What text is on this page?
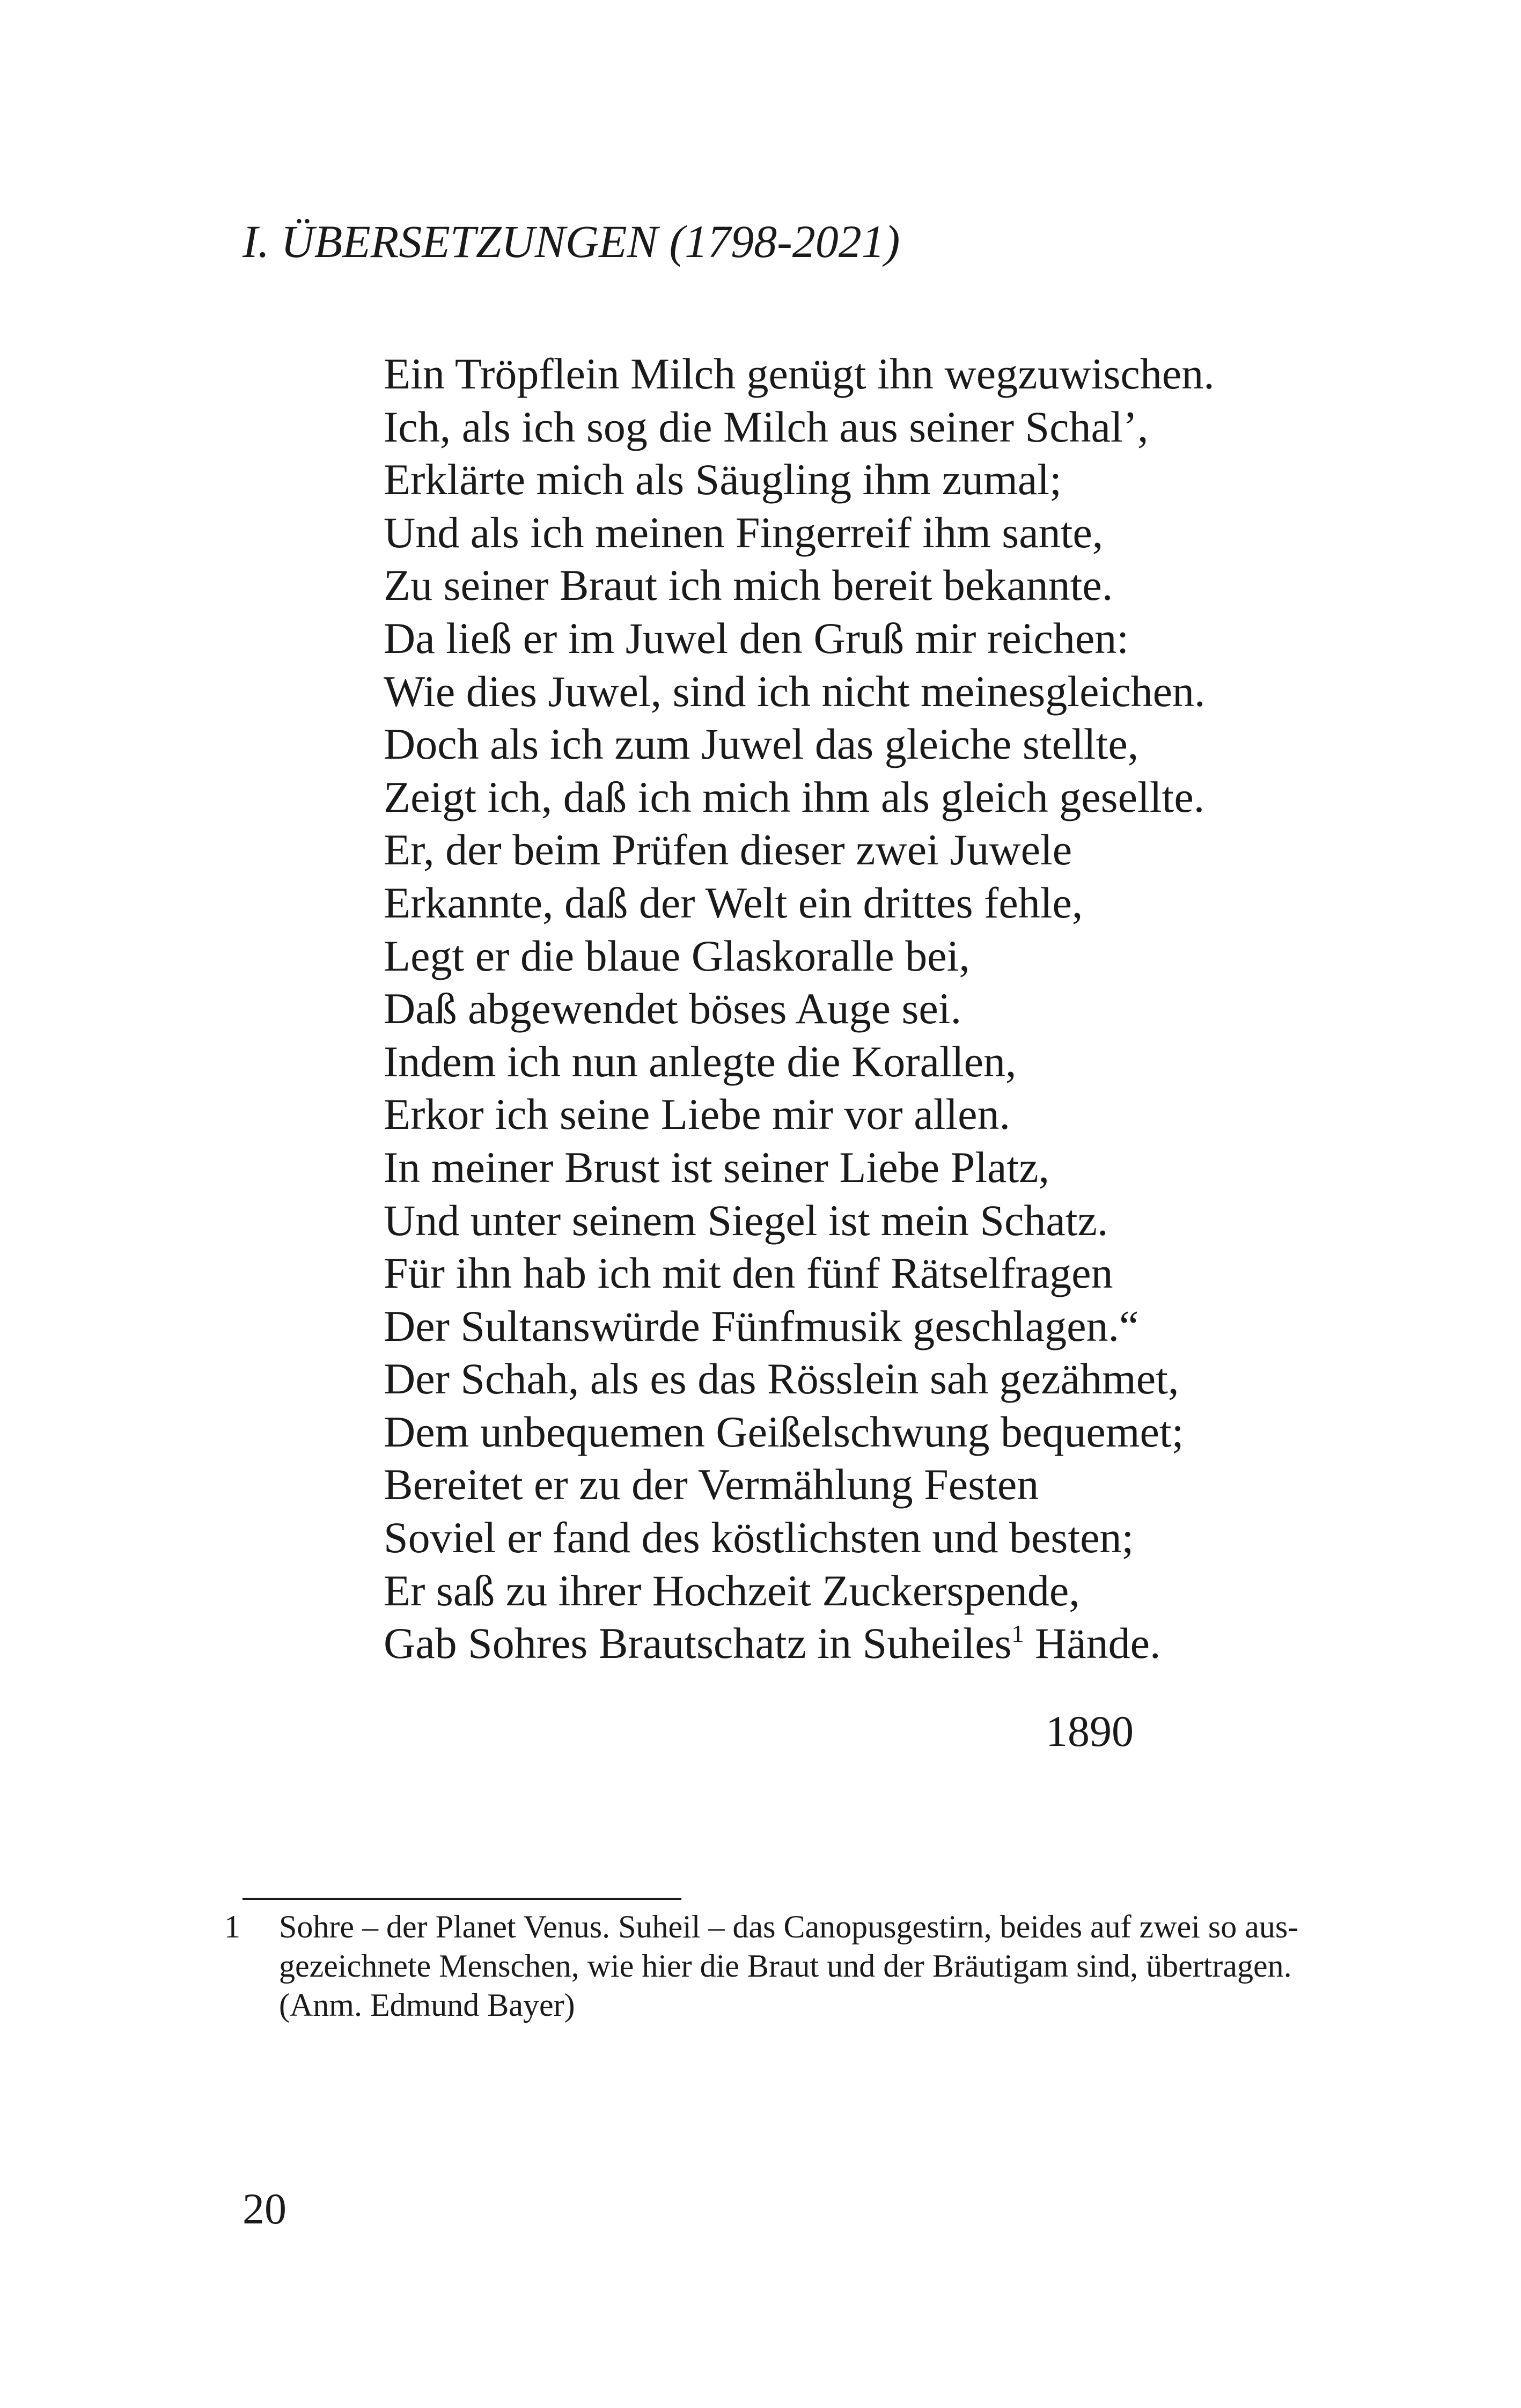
I. ÜBERSETZUNGEN (1798-2021)
Ein Tröpflein Milch genügt ihn wegzuwischen.
Ich, als ich sog die Milch aus seiner Schal’,
Erklärte mich als Säugling ihm zumal;
Und als ich meinen Fingerreif ihm sante,
Zu seiner Braut ich mich bereit bekannte.
Da ließ er im Juwel den Gruß mir reichen:
Wie dies Juwel, sind ich nicht meinesgleichen.
Doch als ich zum Juwel das gleiche stellte,
Zeigt ich, daß ich mich ihm als gleich gesellte.
Er, der beim Prüfen dieser zwei Juwele
Erkannte, daß der Welt ein drittes fehle,
Legt er die blaue Glaskoralle bei,
Daß abgewendet böses Auge sei.
Indem ich nun anlegte die Korallen,
Erkor ich seine Liebe mir vor allen.
In meiner Brust ist seiner Liebe Platz,
Und unter seinem Siegel ist mein Schatz.
Für ihn hab ich mit den fünf Rätselfragen
Der Sultanswürde Fünfmusik geschlagen.“
Der Schah, als es das Rösslein sah gezähmet,
Dem unbequemen Geißelschwung bequemet;
Bereitet er zu der Vermählung Festen
Soviel er fand des köstlichsten und besten;
Er saß zu ihrer Hochzeit Zuckerspende,
Gab Sohres Brautschatz in Suheiles$^1$ Hände.
1890
1 Sohre – der Planet Venus. Suheil – das Canopusgestirn, beides auf zwei so aus-
gezeichnete Menschen, wie hier die Braut und der Bräutigam sind, übertragen.
(Anm. Edmund Bayer)
20
